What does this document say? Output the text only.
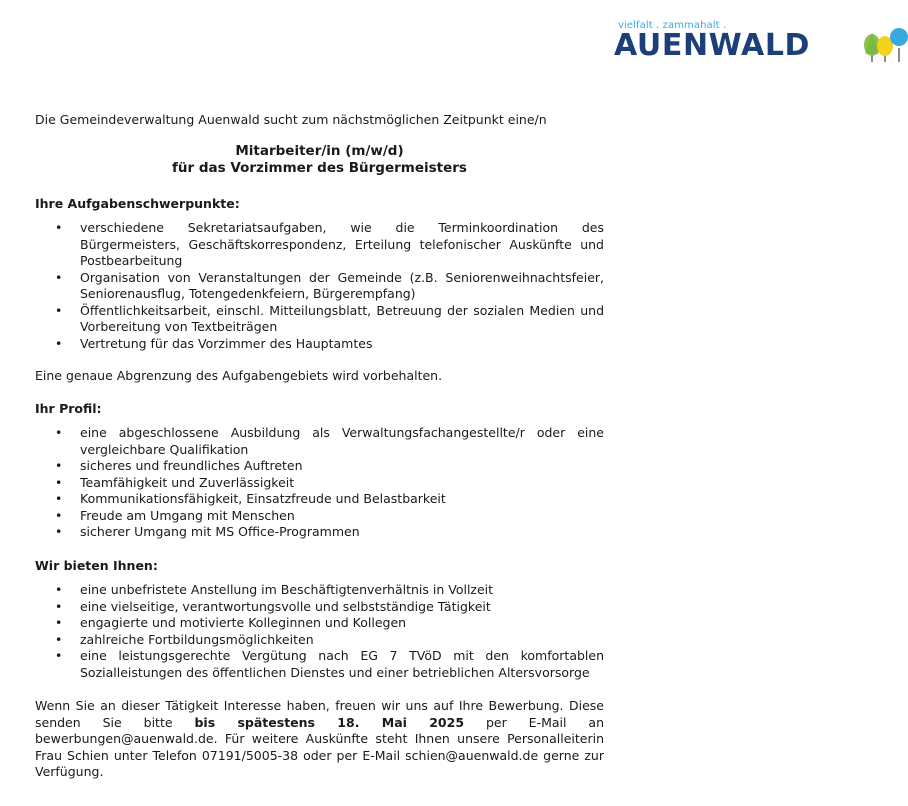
vielfalt . zammahalt .
AUENWALD

Die Gemeindeverwaltung Auenwald sucht zum nächstmöglichen Zeitpunkt eine/n

Mitarbeiter/in (m/w/d)

für das Vorzimmer des Bürgermeisters

Ihre Aufgabenschwerpunkte:

• verschiedene Sekretariatsaufgaben, wie die Terminkoordination des Bürgermeisters, Geschäftskorrespondenz, Erteilung telefonischer Auskünfte und Postbearbeitung
• Organisation von Veranstaltungen der Gemeinde (z.B. Seniorenweihnachtsfeier, Seniorenausflug, Totengedenkfeiern, Bürgerempfang)
• Öffentlichkeitsarbeit, einschl. Mitteilungsblatt, Betreuung der sozialen Medien und Vorbereitung von Textbeiträgen
• Vertretung für das Vorzimmer des Hauptamtes

Eine genaue Abgrenzung des Aufgabengebiets wird vorbehalten.

Ihr Profil:

• eine abgeschlossene Ausbildung als Verwaltungsfachangestellte/r oder eine vergleichbare Qualifikation
• sicheres und freundliches Auftreten
• Teamfähigkeit und Zuverlässigkeit
• Kommunikationsfähigkeit, Einsatzfreude und Belastbarkeit
• Freude am Umgang mit Menschen
• sicherer Umgang mit MS Office-Programmen

Wir bieten Ihnen:

• eine unbefristete Anstellung im Beschäftigtenverhältnis in Vollzeit
• eine vielseitige, verantwortungsvolle und selbstständige Tätigkeit
• engagierte und motivierte Kolleginnen und Kollegen
• zahlreiche Fortbildungsmöglichkeiten
• eine leistungsgerechte Vergütung nach EG 7 TVöD mit den komfortablen Sozialleistungen des öffentlichen Dienstes und einer betrieblichen Altersvorsorge

Wenn Sie an dieser Tätigkeit Interesse haben, freuen wir uns auf Ihre Bewerbung. Diese senden Sie bitte bis spätestens 18. Mai 2025 per E-Mail an bewerbungen@auenwald.de. Für weitere Auskünfte steht Ihnen unsere Personalleiterin Frau Schien unter Telefon 07191/5005-38 oder per E-Mail schien@auenwald.de gerne zur Verfügung.
